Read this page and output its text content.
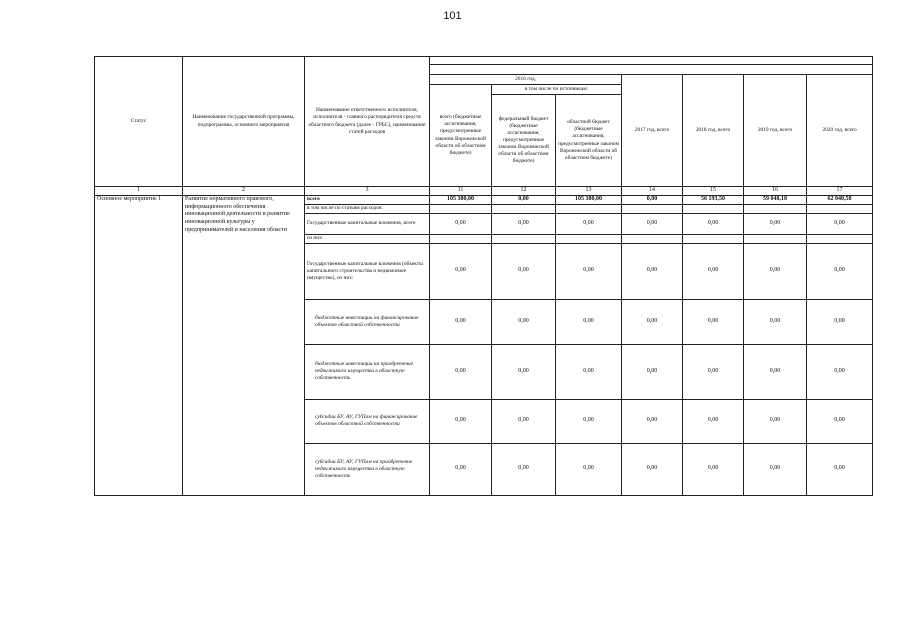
101
Статус	Наименование государственной программы, подпрограммы, основного мероприятия	Наименование ответственного исполнителя, исполнителя - главного распорядителя средств областного бюджета (далее - ГРБС), наименование статей расходов							

			2016 год,			2017 год, всего	2018 год, всего	2019 год, всего	2020 год, всего
			всего (бюджетные ассигнования, предусмотренные законом Воронежской области об областном бюджете)	в том числе по источникам:					
				федеральный бюджет (бюджетные ассигнования, предусмотренные законом Воронежской области об областном бюджете)	областной бюджет (бюджетные ассигнования, предусмотренные законом Воронежской области об областном бюджете)				
1	2	3	11	12	13	14	15	16	17
Основное мероприятие 1	Развитие нормативного правового, информационного обеспечения инновационной деятельности и развитие инновационной культуры у предпринимателей и населения области	всего	105 380,00	0,00	105 380,00	0,00	56 193,50	59 048,18	62 040,58
		в том числе по статьям расходов:							
		Государственные капитальные вложения, всего	0,00	0,00	0,00	0,00	0,00	0,00	0,00
		из них:							
		Государственные капитальные вложения (объекты капитального строительства и недвижимое имущество), из них:	0,00	0,00	0,00	0,00	0,00	0,00	0,00
		бюджетные инвестиции на финансирование объектов областной собственности	0,00	0,00	0,00	0,00	0,00	0,00	0,00
		бюджетные инвестиции на приобретение недвижимого имущества в областную собственность	0,00	0,00	0,00	0,00	0,00	0,00	0,00
		субсидии БУ, АУ, ГУПам на финансирование объектов областной собственности	0,00	0,00	0,00	0,00	0,00	0,00	0,00
		субсидии БУ, АУ, ГУПам на приобретение недвижимого имущества в областную собственность	0,00	0,00	0,00	0,00	0,00	0,00	0,00
